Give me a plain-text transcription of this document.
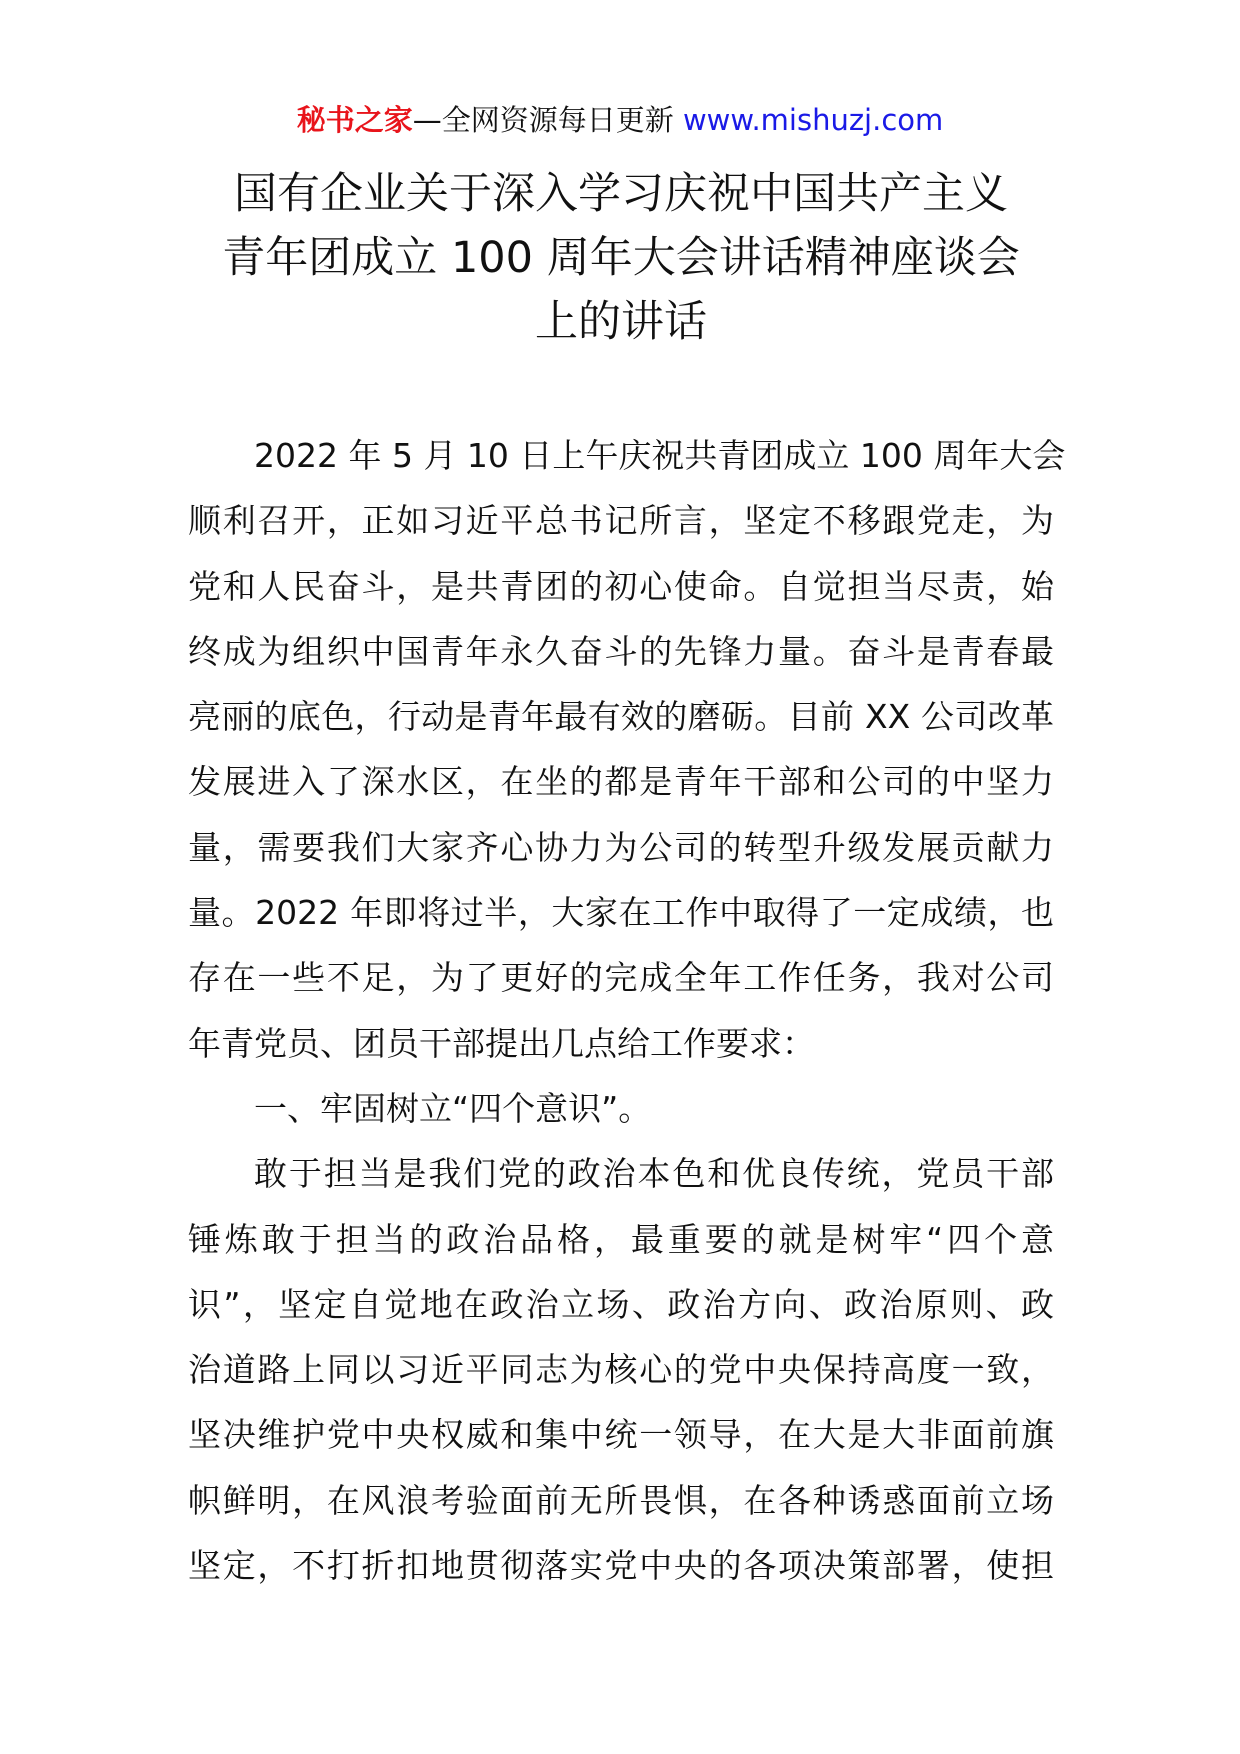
秘书之家—全网资源每日更新 www.mishuzj.com
国有企业关于深入学习庆祝中国共产主义
青年团成立 100 周年大会讲话精神座谈会
上的讲话
2022 年 5 月 10 日上午庆祝共青团成立 100 周年大会
顺利召开，正如习近平总书记所言，坚定不移跟党走，为
党和人民奋斗，是共青团的初心使命。自觉担当尽责，始
终成为组织中国青年永久奋斗的先锋力量。奋斗是青春最
亮丽的底色，行动是青年最有效的磨砺。目前 XX 公司改革
发展进入了深水区，在坐的都是青年干部和公司的中坚力
量，需要我们大家齐心协力为公司的转型升级发展贡献力
量。2022 年即将过半，大家在工作中取得了一定成绩，也
存在一些不足，为了更好的完成全年工作任务，我对公司
年青党员、团员干部提出几点给工作要求：
一、牢固树立“四个意识”。
敢于担当是我们党的政治本色和优良传统，党员干部
锤炼敢于担当的政治品格，最重要的就是树牢“四个意
识”，坚定自觉地在政治立场、政治方向、政治原则、政
治道路上同以习近平同志为核心的党中央保持高度一致，
坚决维护党中央权威和集中统一领导，在大是大非面前旗
帜鲜明，在风浪考验面前无所畏惧，在各种诱惑面前立场
坚定，不打折扣地贯彻落实党中央的各项决策部署，使担
